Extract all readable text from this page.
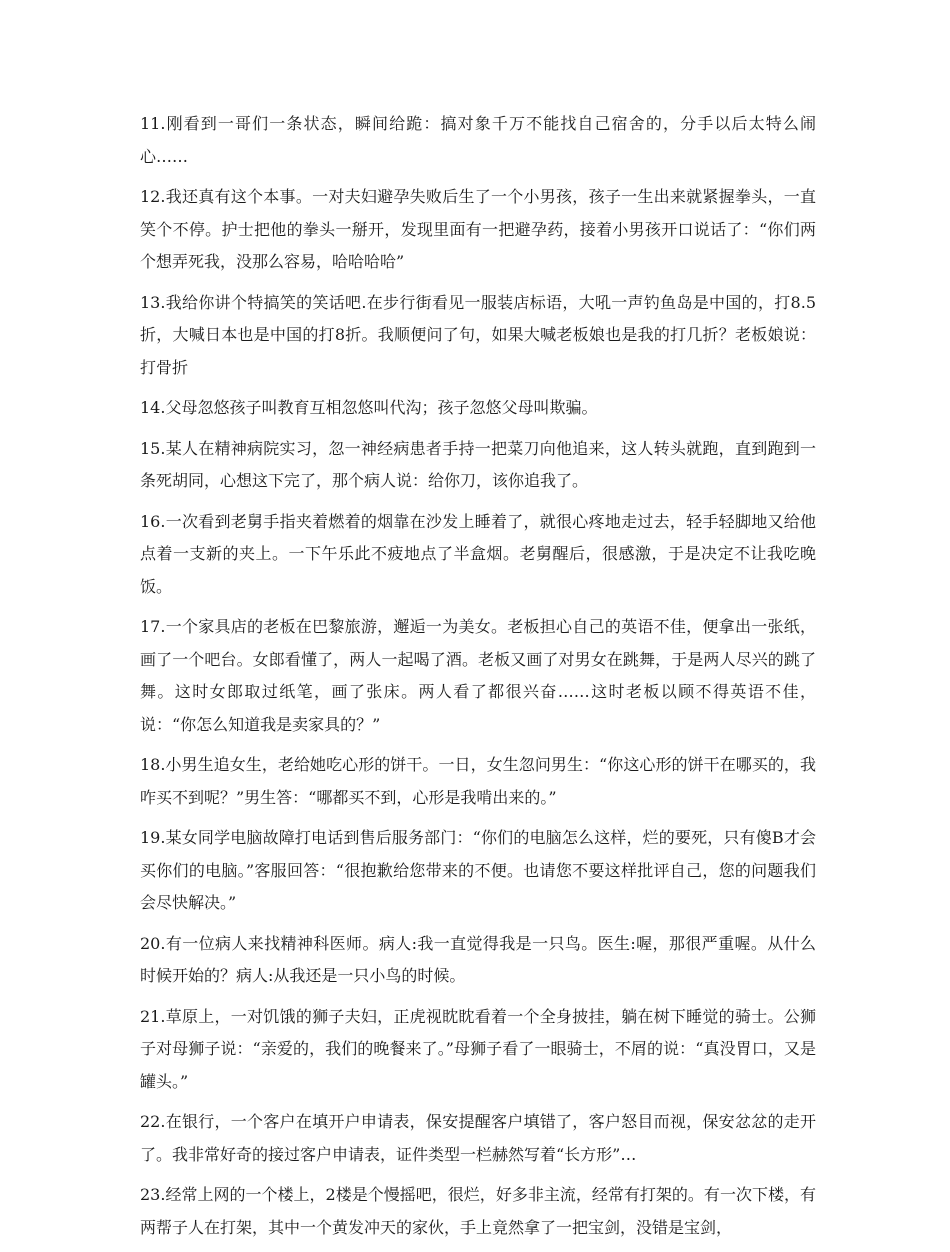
11.刚看到一哥们一条状态，瞬间给跪：搞对象千万不能找自己宿舍的，分手以后太特么闹心……

12.我还真有这个本事。一对夫妇避孕失败后生了一个小男孩，孩子一生出来就紧握拳头，一直笑个不停。护士把他的拳头一掰开，发现里面有一把避孕药，接着小男孩开口说话了：“你们两个想弄死我，没那么容易，哈哈哈哈”

13.我给你讲个特搞笑的笑话吧.在步行街看见一服装店标语，大吼一声钓鱼岛是中国的，打8.5折，大喊日本也是中国的打8折。我顺便问了句，如果大喊老板娘也是我的打几折？老板娘说：打骨折

14.父母忽悠孩子叫教育互相忽悠叫代沟；孩子忽悠父母叫欺骗。

15.某人在精神病院实习，忽一神经病患者手持一把菜刀向他追来，这人转头就跑，直到跑到一条死胡同，心想这下完了，那个病人说：给你刀，该你追我了。

16.一次看到老舅手指夹着燃着的烟靠在沙发上睡着了，就很心疼地走过去，轻手轻脚地又给他点着一支新的夹上。一下午乐此不疲地点了半盒烟。老舅醒后，很感激，于是决定不让我吃晚饭。

17.一个家具店的老板在巴黎旅游，邂逅一为美女。老板担心自己的英语不佳，便拿出一张纸，画了一个吧台。女郎看懂了，两人一起喝了酒。老板又画了对男女在跳舞，于是两人尽兴的跳了舞。这时女郎取过纸笔，画了张床。两人看了都很兴奋……这时老板以顾不得英语不佳，说：“你怎么知道我是卖家具的？”

18.小男生追女生，老给她吃心形的饼干。一日，女生忽问男生：“你这心形的饼干在哪买的，我咋买不到呢？”男生答：“哪都买不到，心形是我啃出来的。”

19.某女同学电脑故障打电话到售后服务部门：“你们的电脑怎么这样，烂的要死，只有傻B才会买你们的电脑。”客服回答：“很抱歉给您带来的不便。也请您不要这样批评自己，您的问题我们会尽快解决。”

20.有一位病人来找精神科医师。病人:我一直觉得我是一只鸟。医生:喔，那很严重喔。从什么时候开始的？病人:从我还是一只小鸟的时候。

21.草原上，一对饥饿的狮子夫妇，正虎视眈眈看着一个全身披挂，躺在树下睡觉的骑士。公狮子对母狮子说：“亲爱的，我们的晚餐来了。”母狮子看了一眼骑士，不屑的说：“真没胃口，又是罐头。”

22.在银行，一个客户在填开户申请表，保安提醒客户填错了，客户怒目而视，保安忿忿的走开了。我非常好奇的接过客户申请表，证件类型一栏赫然写着“长方形”…

23.经常上网的一个楼上，2楼是个慢摇吧，很烂，好多非主流，经常有打架的。有一次下楼，有两帮子人在打架，其中一个黄发冲天的家伙，手上竟然拿了一把宝剑，没错是宝剑，
